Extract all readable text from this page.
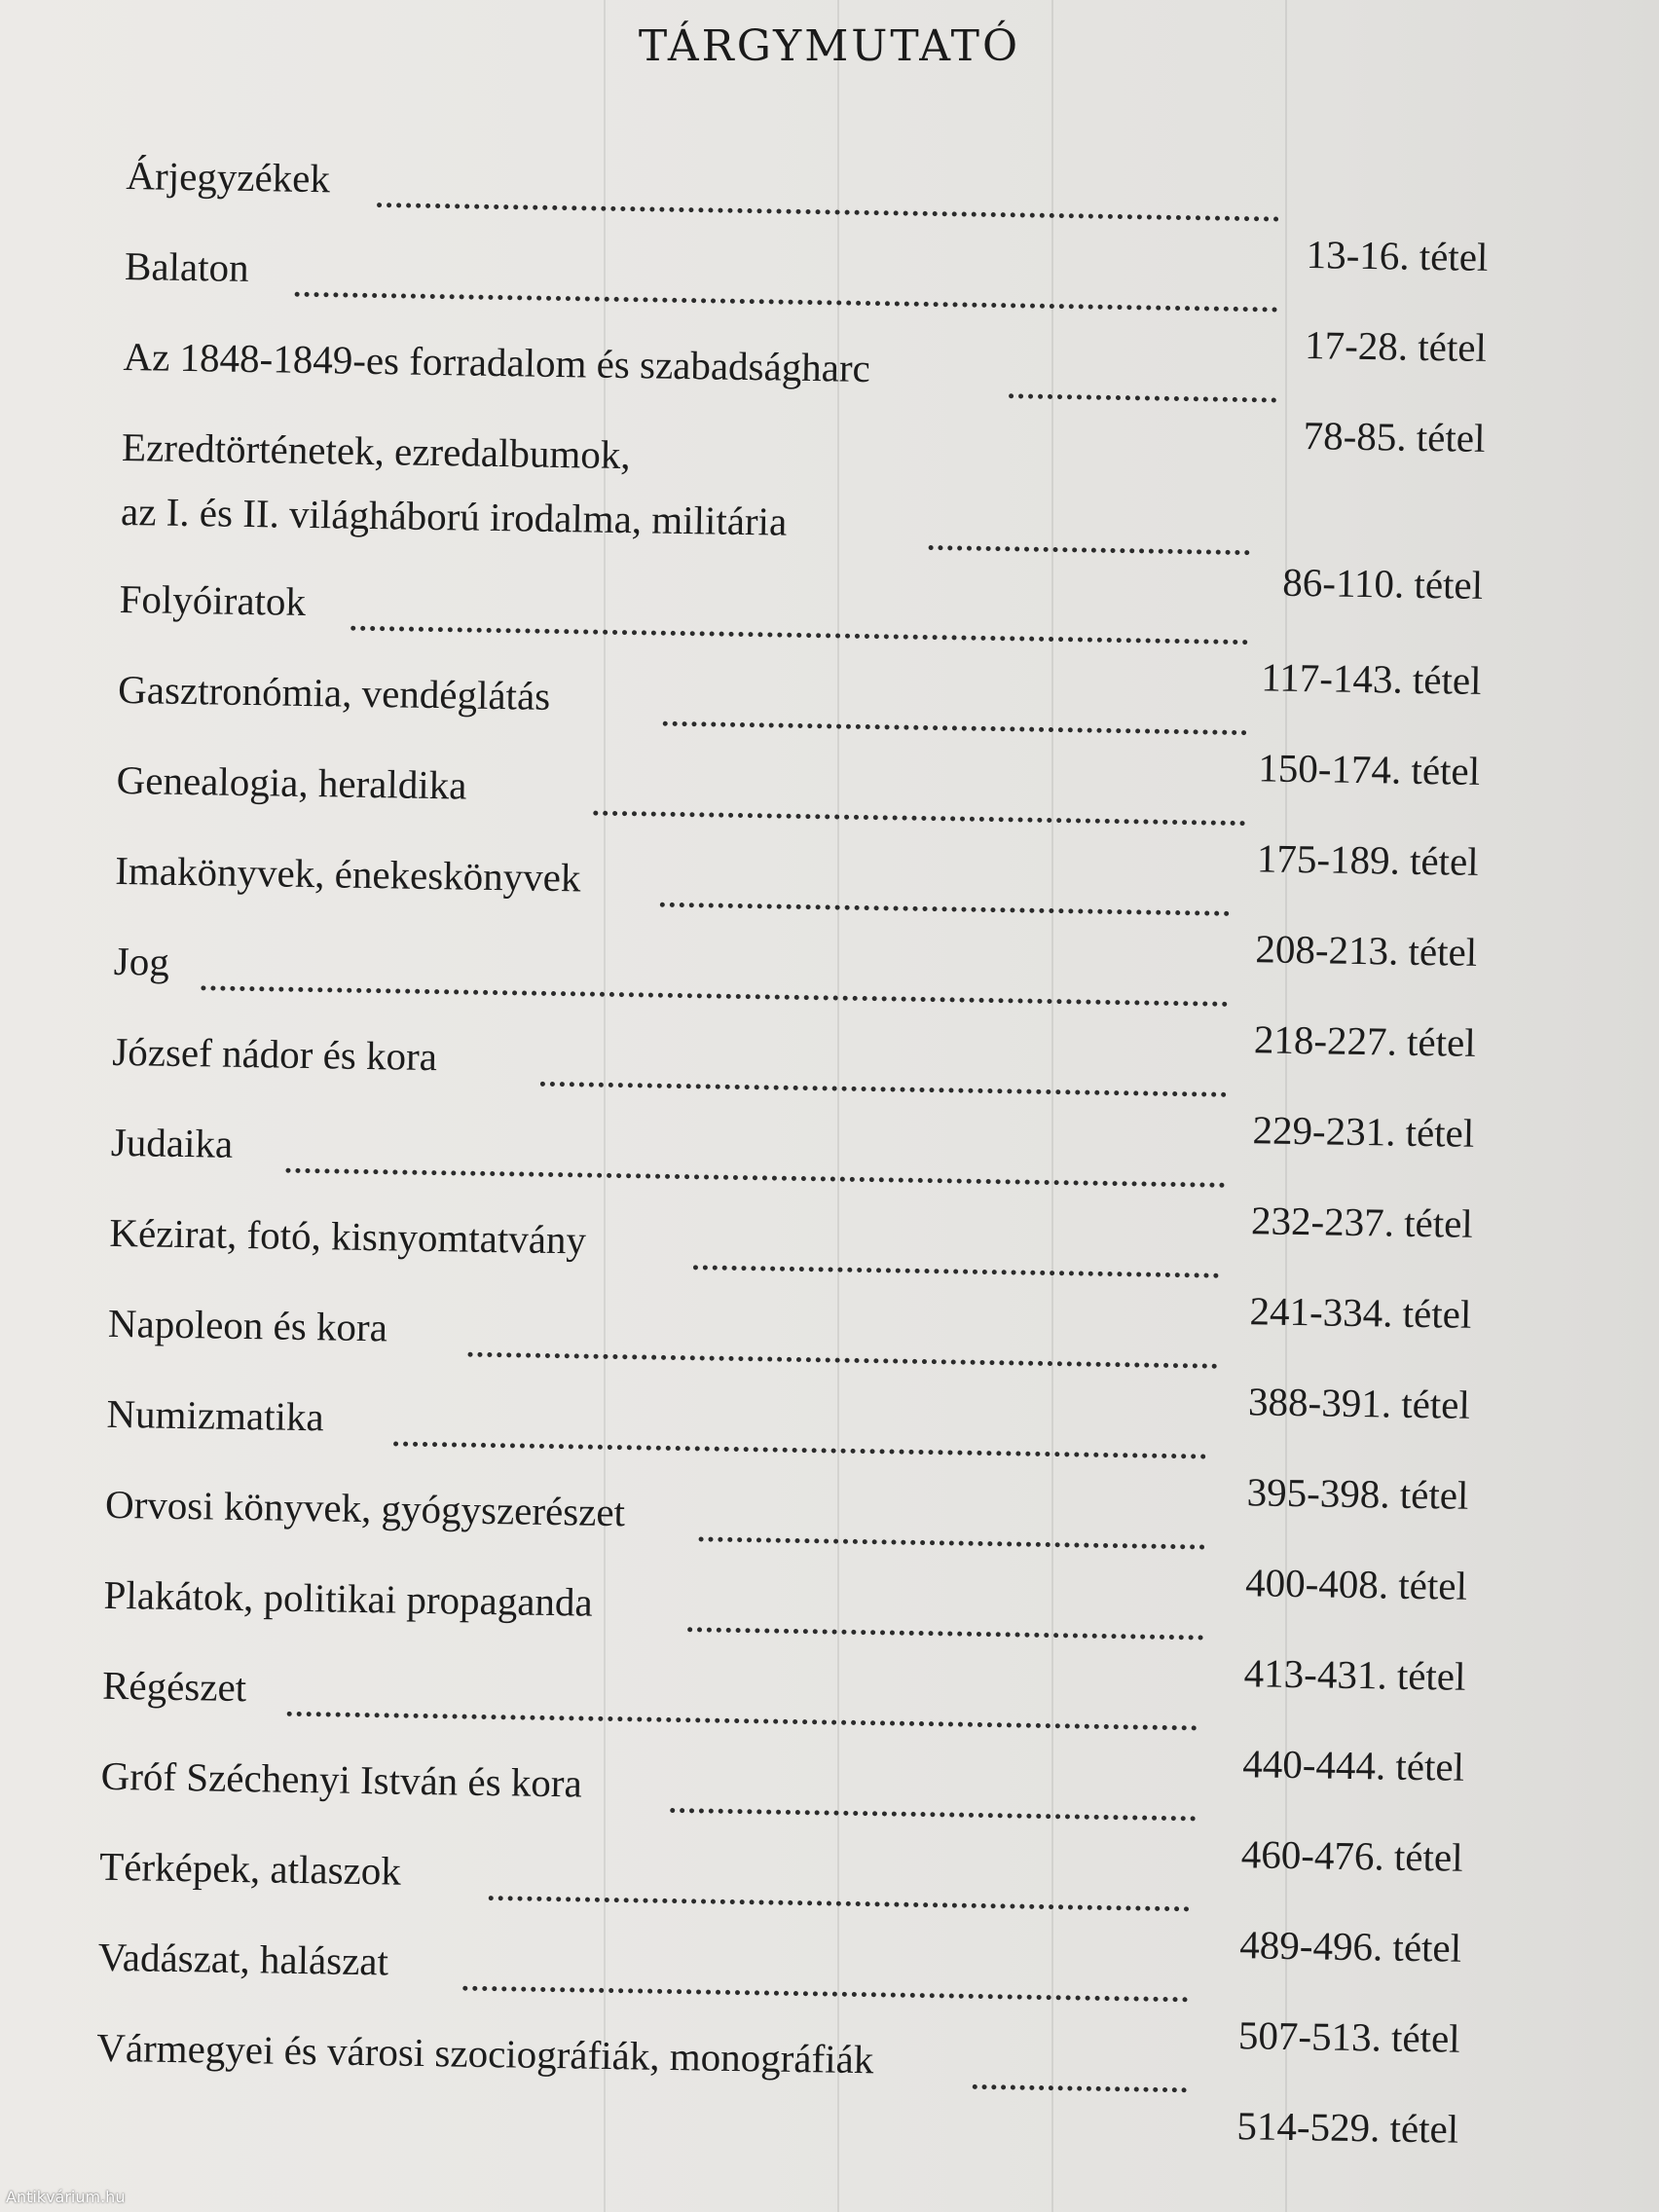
TÁRGYMUTATÓ
Árjegyzékek
13-16. tétel
Balaton
17-28. tétel
Az 1848-1849-es forradalom és szabadságharc
78-85. tétel
Ezredtörténetek, ezredalbumok,
az I. és II. világháború irodalma, militária
86-110. tétel
Folyóiratok
117-143. tétel
Gasztronómia, vendéglátás
150-174. tétel
Genealogia, heraldika
175-189. tétel
Imakönyvek, énekeskönyvek
208-213. tétel
Jog
218-227. tétel
József nádor és kora
229-231. tétel
Judaika
232-237. tétel
Kézirat, fotó, kisnyomtatvány
241-334. tétel
Napoleon és kora
388-391. tétel
Numizmatika
395-398. tétel
Orvosi könyvek, gyógyszerészet
400-408. tétel
Plakátok, politikai propaganda
413-431. tétel
Régészet
440-444. tétel
Gróf Széchenyi István és kora
460-476. tétel
Térképek, atlaszok
489-496. tétel
Vadászat, halászat
507-513. tétel
Vármegyei és városi szociográfiák, monográfiák
514-529. tétel
Antikvárium.hu
